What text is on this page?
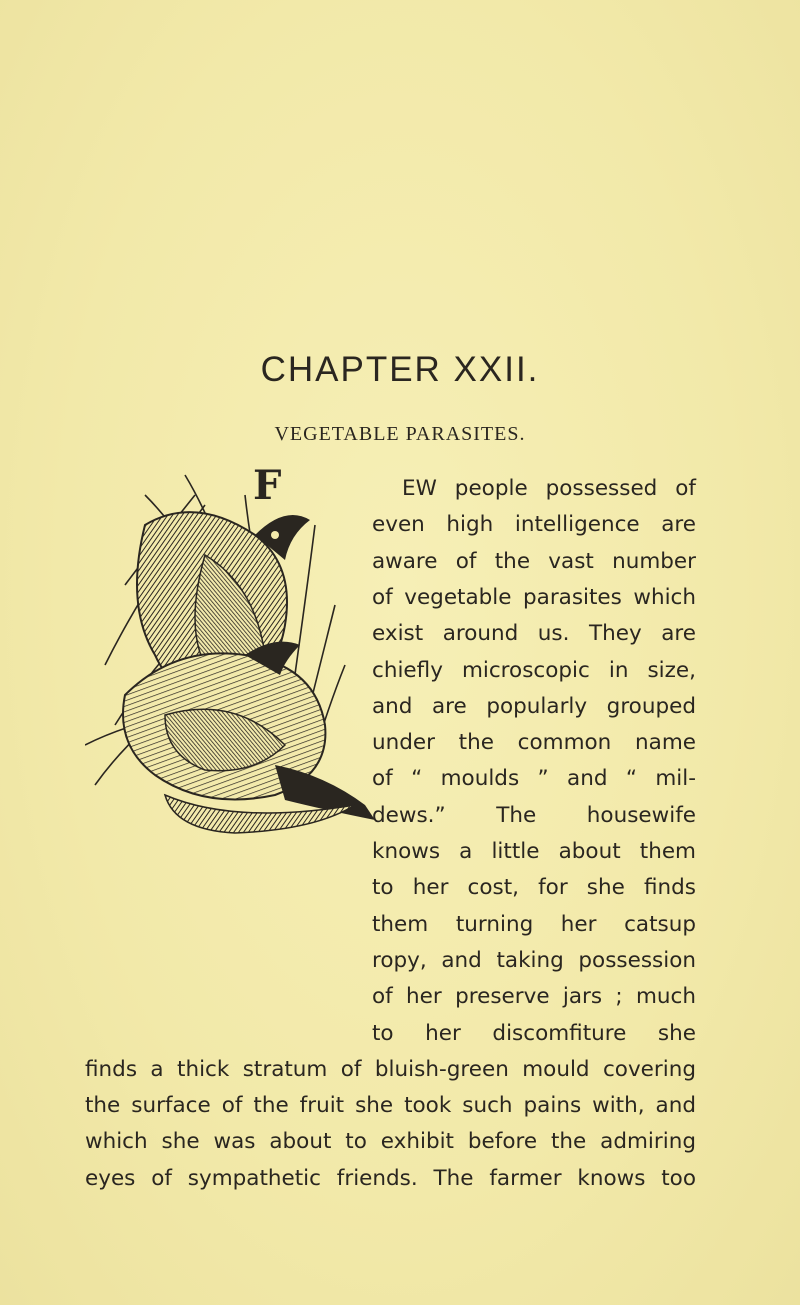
CHAPTER XXII.
VEGETABLE PARASITES.
F	EW people possessed of
even high intelligence are
aware of the vast number
of vegetable parasites which
exist around us. They are
chiefly microscopic in size,
and are popularly grouped
under the common name
of “ moulds ” and “ mil-
dews.” The housewife
knows a little about them
to her cost, for she finds
them turning her catsup
ropy, and taking possession
of her preserve jars ; much
to her discomfiture she
finds a thick stratum of bluish-green mould covering
the surface of the fruit she took such pains with, and
which she was about to exhibit before the admiring
eyes of sympathetic friends. The farmer knows too
